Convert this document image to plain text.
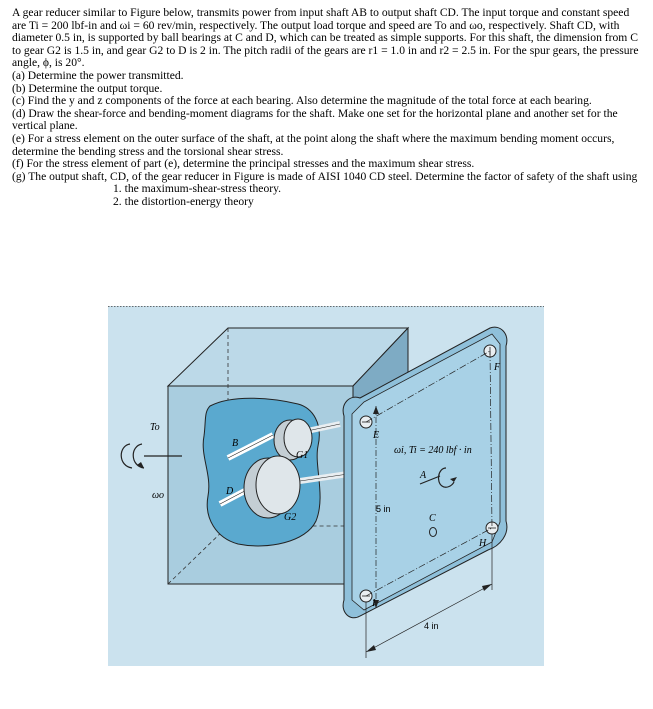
A gear reducer similar to Figure below, transmits power from input shaft AB to output shaft CD. The input torque and constant speed are Ti = 200 lbf-in and ωi = 60 rev/min, respectively. The output load torque and speed are To and ωo, respectively. Shaft CD, with diameter 0.5 in, is supported by ball bearings at C and D, which can be treated as simple supports. For this shaft, the dimension from C to gear G2 is 1.5 in, and gear G2 to D is 2 in. The pitch radii of the gears are r1 = 1.0 in and r2 = 2.5 in. For the spur gears, the pressure angle, ϕ, is 20°.

(a) Determine the power transmitted.

(b) Determine the output torque.

(c) Find the y and z components of the force at each bearing. Also determine the magnitude of the total force at each bearing.

(d) Draw the shear-force and bending-moment diagrams for the shaft. Make one set for the horizontal plane and another set for the vertical plane.

(e) For a stress element on the outer surface of the shaft, at the point along the shaft where the maximum bending moment occurs, determine the bending stress and the torsional shear stress.

(f) For the stress element of part (e), determine the principal stresses and the maximum shear stress.

(g) The output shaft, CD, of the gear reducer in Figure is made of AISI 1040 CD steel. Determine the factor of safety of the shaft using

1. the maximum-shear-stress theory.

2. the distortion-energy theory

To
ωo
B
D
G1
G2
E
F
H
I
ωi, Ti = 240 lbf · in
A
C
5 in
4 in
